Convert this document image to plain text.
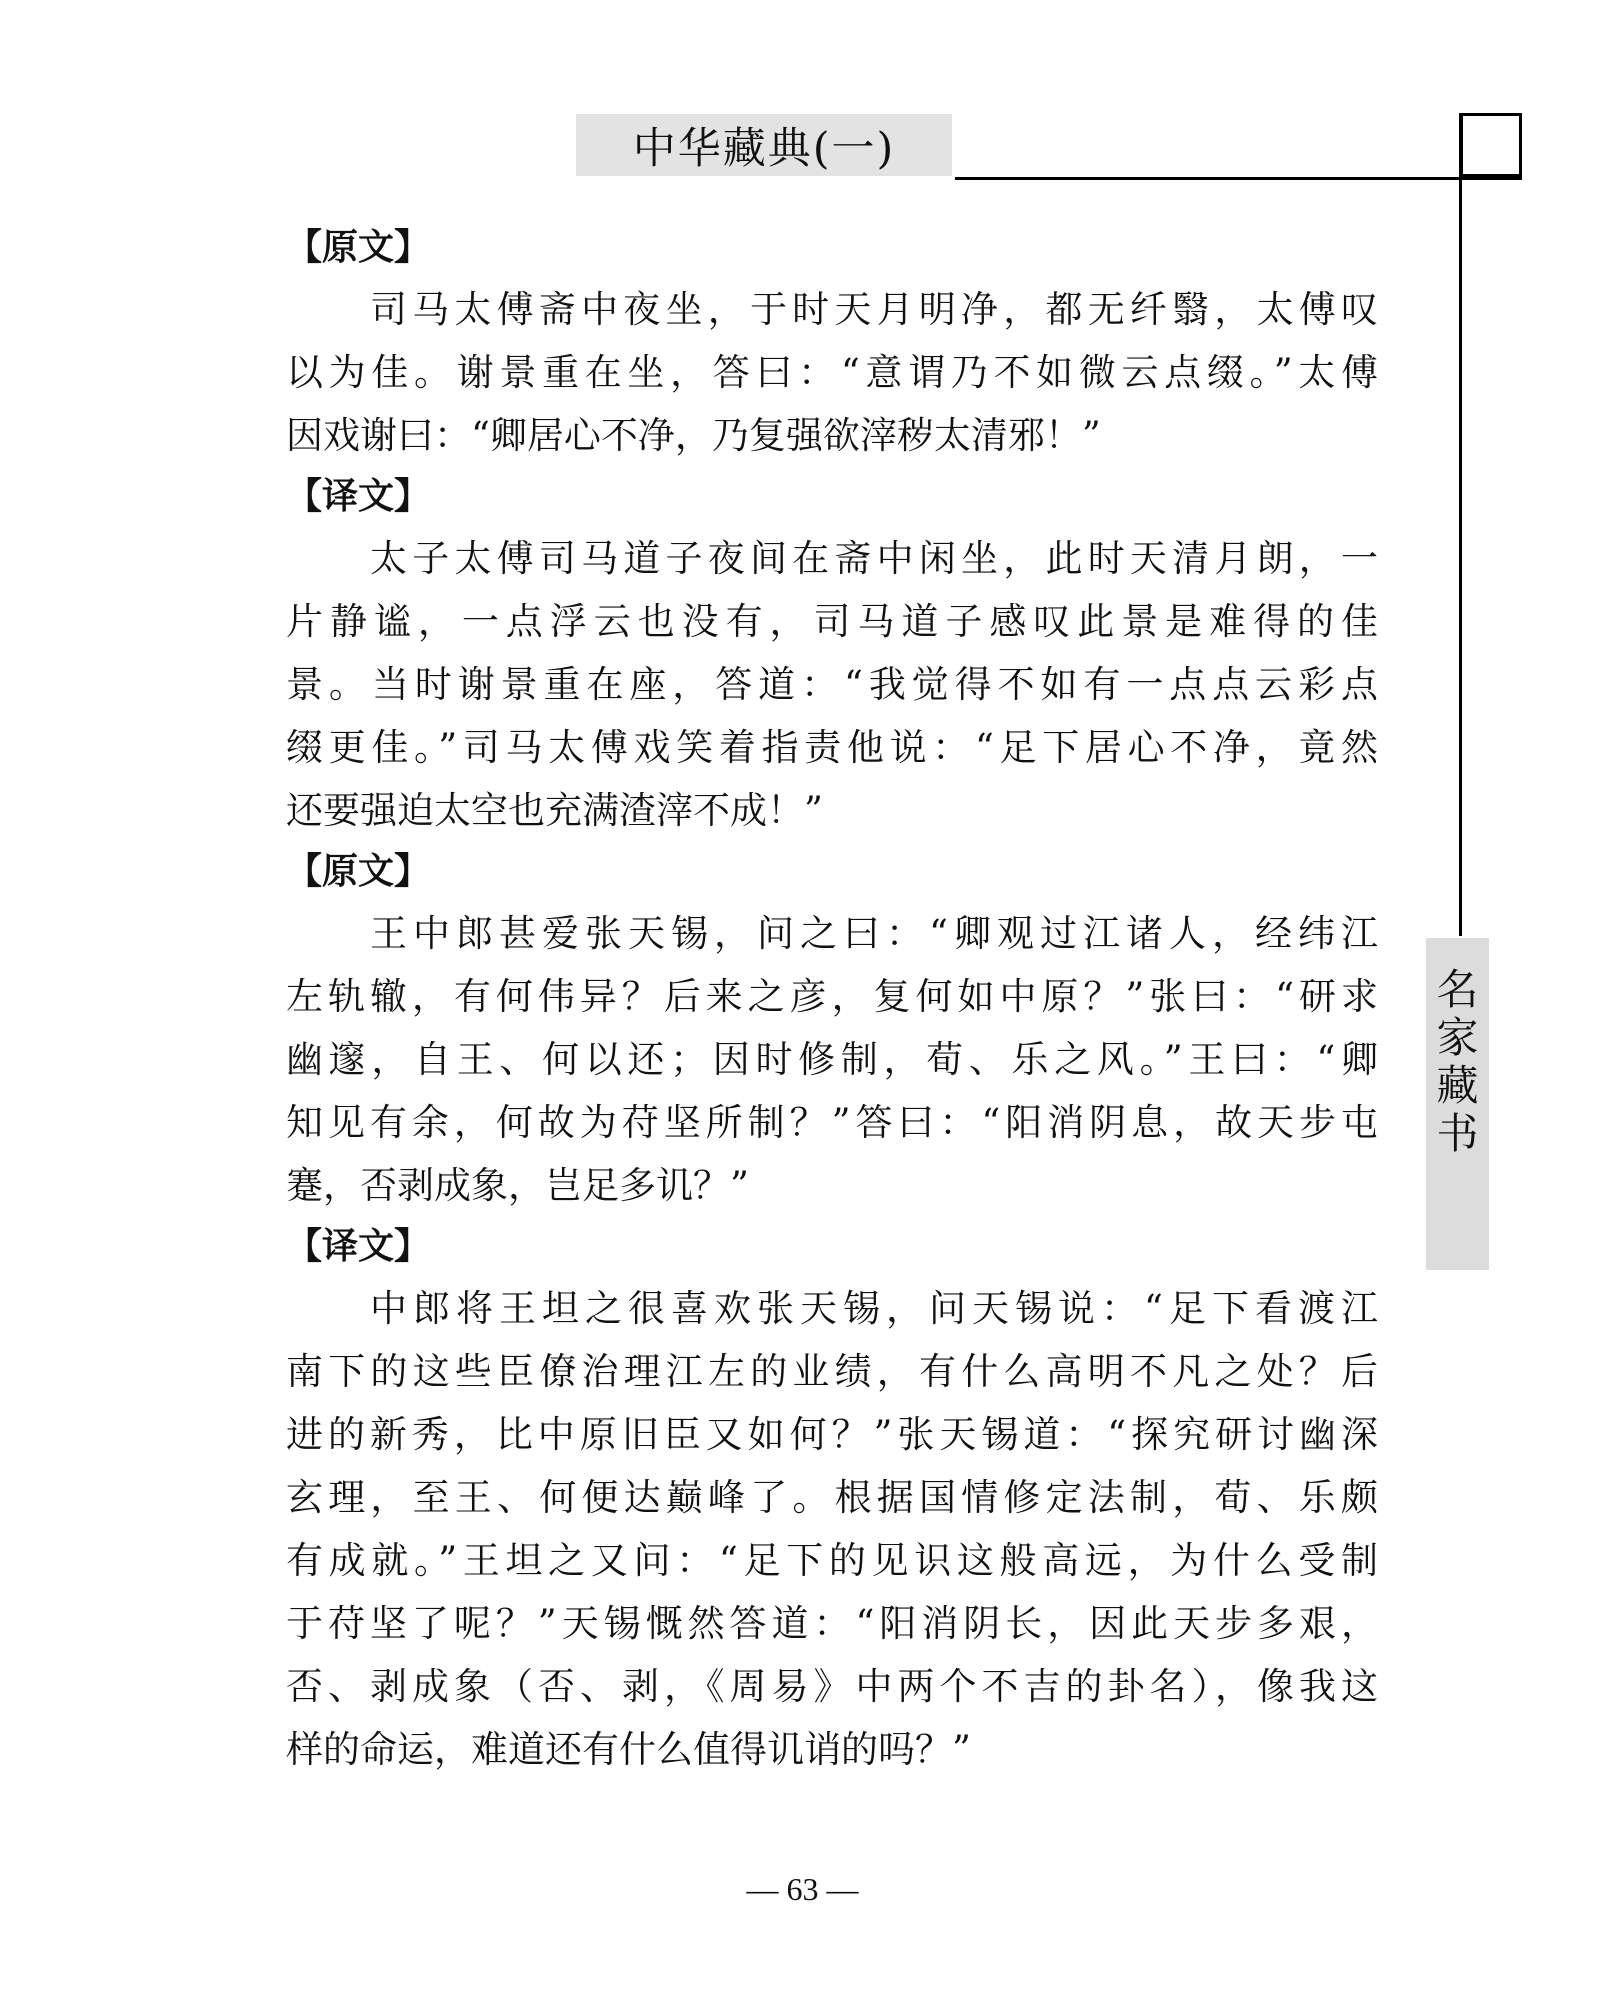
中华藏典(一)
名
家
藏
书
【原文】
司马太傅斋中夜坐，于时天月明净，都无纤翳，太傅叹
以为佳。谢景重在坐，答曰：“意谓乃不如微云点缀。”太傅
因戏谢曰：“卿居心不净，乃复强欲滓秽太清邪！”
【译文】
太子太傅司马道子夜间在斋中闲坐，此时天清月朗，一
片静谧，一点浮云也没有，司马道子感叹此景是难得的佳
景。当时谢景重在座，答道：“我觉得不如有一点点云彩点
缀更佳。”司马太傅戏笑着指责他说：“足下居心不净，竟然
还要强迫太空也充满渣滓不成！”
【原文】
王中郎甚爱张天锡，问之曰：“卿观过江诸人，经纬江
左轨辙，有何伟异？后来之彦，复何如中原？”张曰：“研求
幽邃，自王、何以还；因时修制，荀、乐之风。”王曰：“卿
知见有余，何故为苻坚所制？”答曰：“阳消阴息，故天步屯
蹇，否剥成象，岂足多讥？”
【译文】
中郎将王坦之很喜欢张天锡，问天锡说：“足下看渡江
南下的这些臣僚治理江左的业绩，有什么高明不凡之处？后
进的新秀，比中原旧臣又如何？”张天锡道：“探究研讨幽深
玄理，至王、何便达巅峰了。根据国情修定法制，荀、乐颇
有成就。”王坦之又问：“足下的见识这般高远，为什么受制
于苻坚了呢？”天锡慨然答道：“阳消阴长，因此天步多艰，
否、剥成象（否、剥，《周易》中两个不吉的卦名），像我这
样的命运，难道还有什么值得讥诮的吗？”
— 63 —
